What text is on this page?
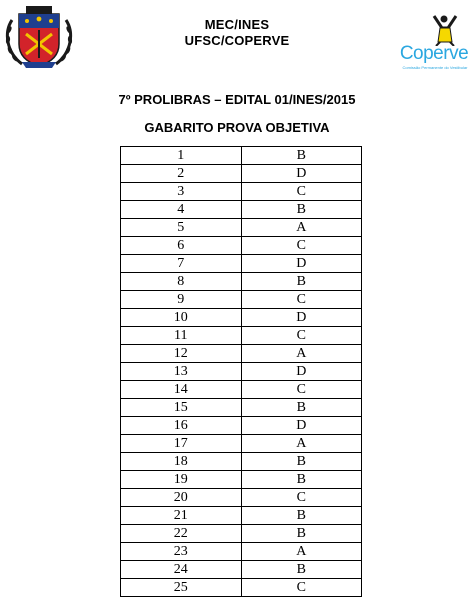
MEC/INES
UFSC/COPERVE
Coperve
Comissão Permanente do Vestibular
7º PROLIBRAS – EDITAL 01/INES/2015
GABARITO PROVA OBJETIVA
1	B
2	D
3	C
4	B
5	A
6	C
7	D
8	B
9	C
10	D
11	C
12	A
13	D
14	C
15	B
16	D
17	A
18	B
19	B
20	C
21	B
22	B
23	A
24	B
25	C
